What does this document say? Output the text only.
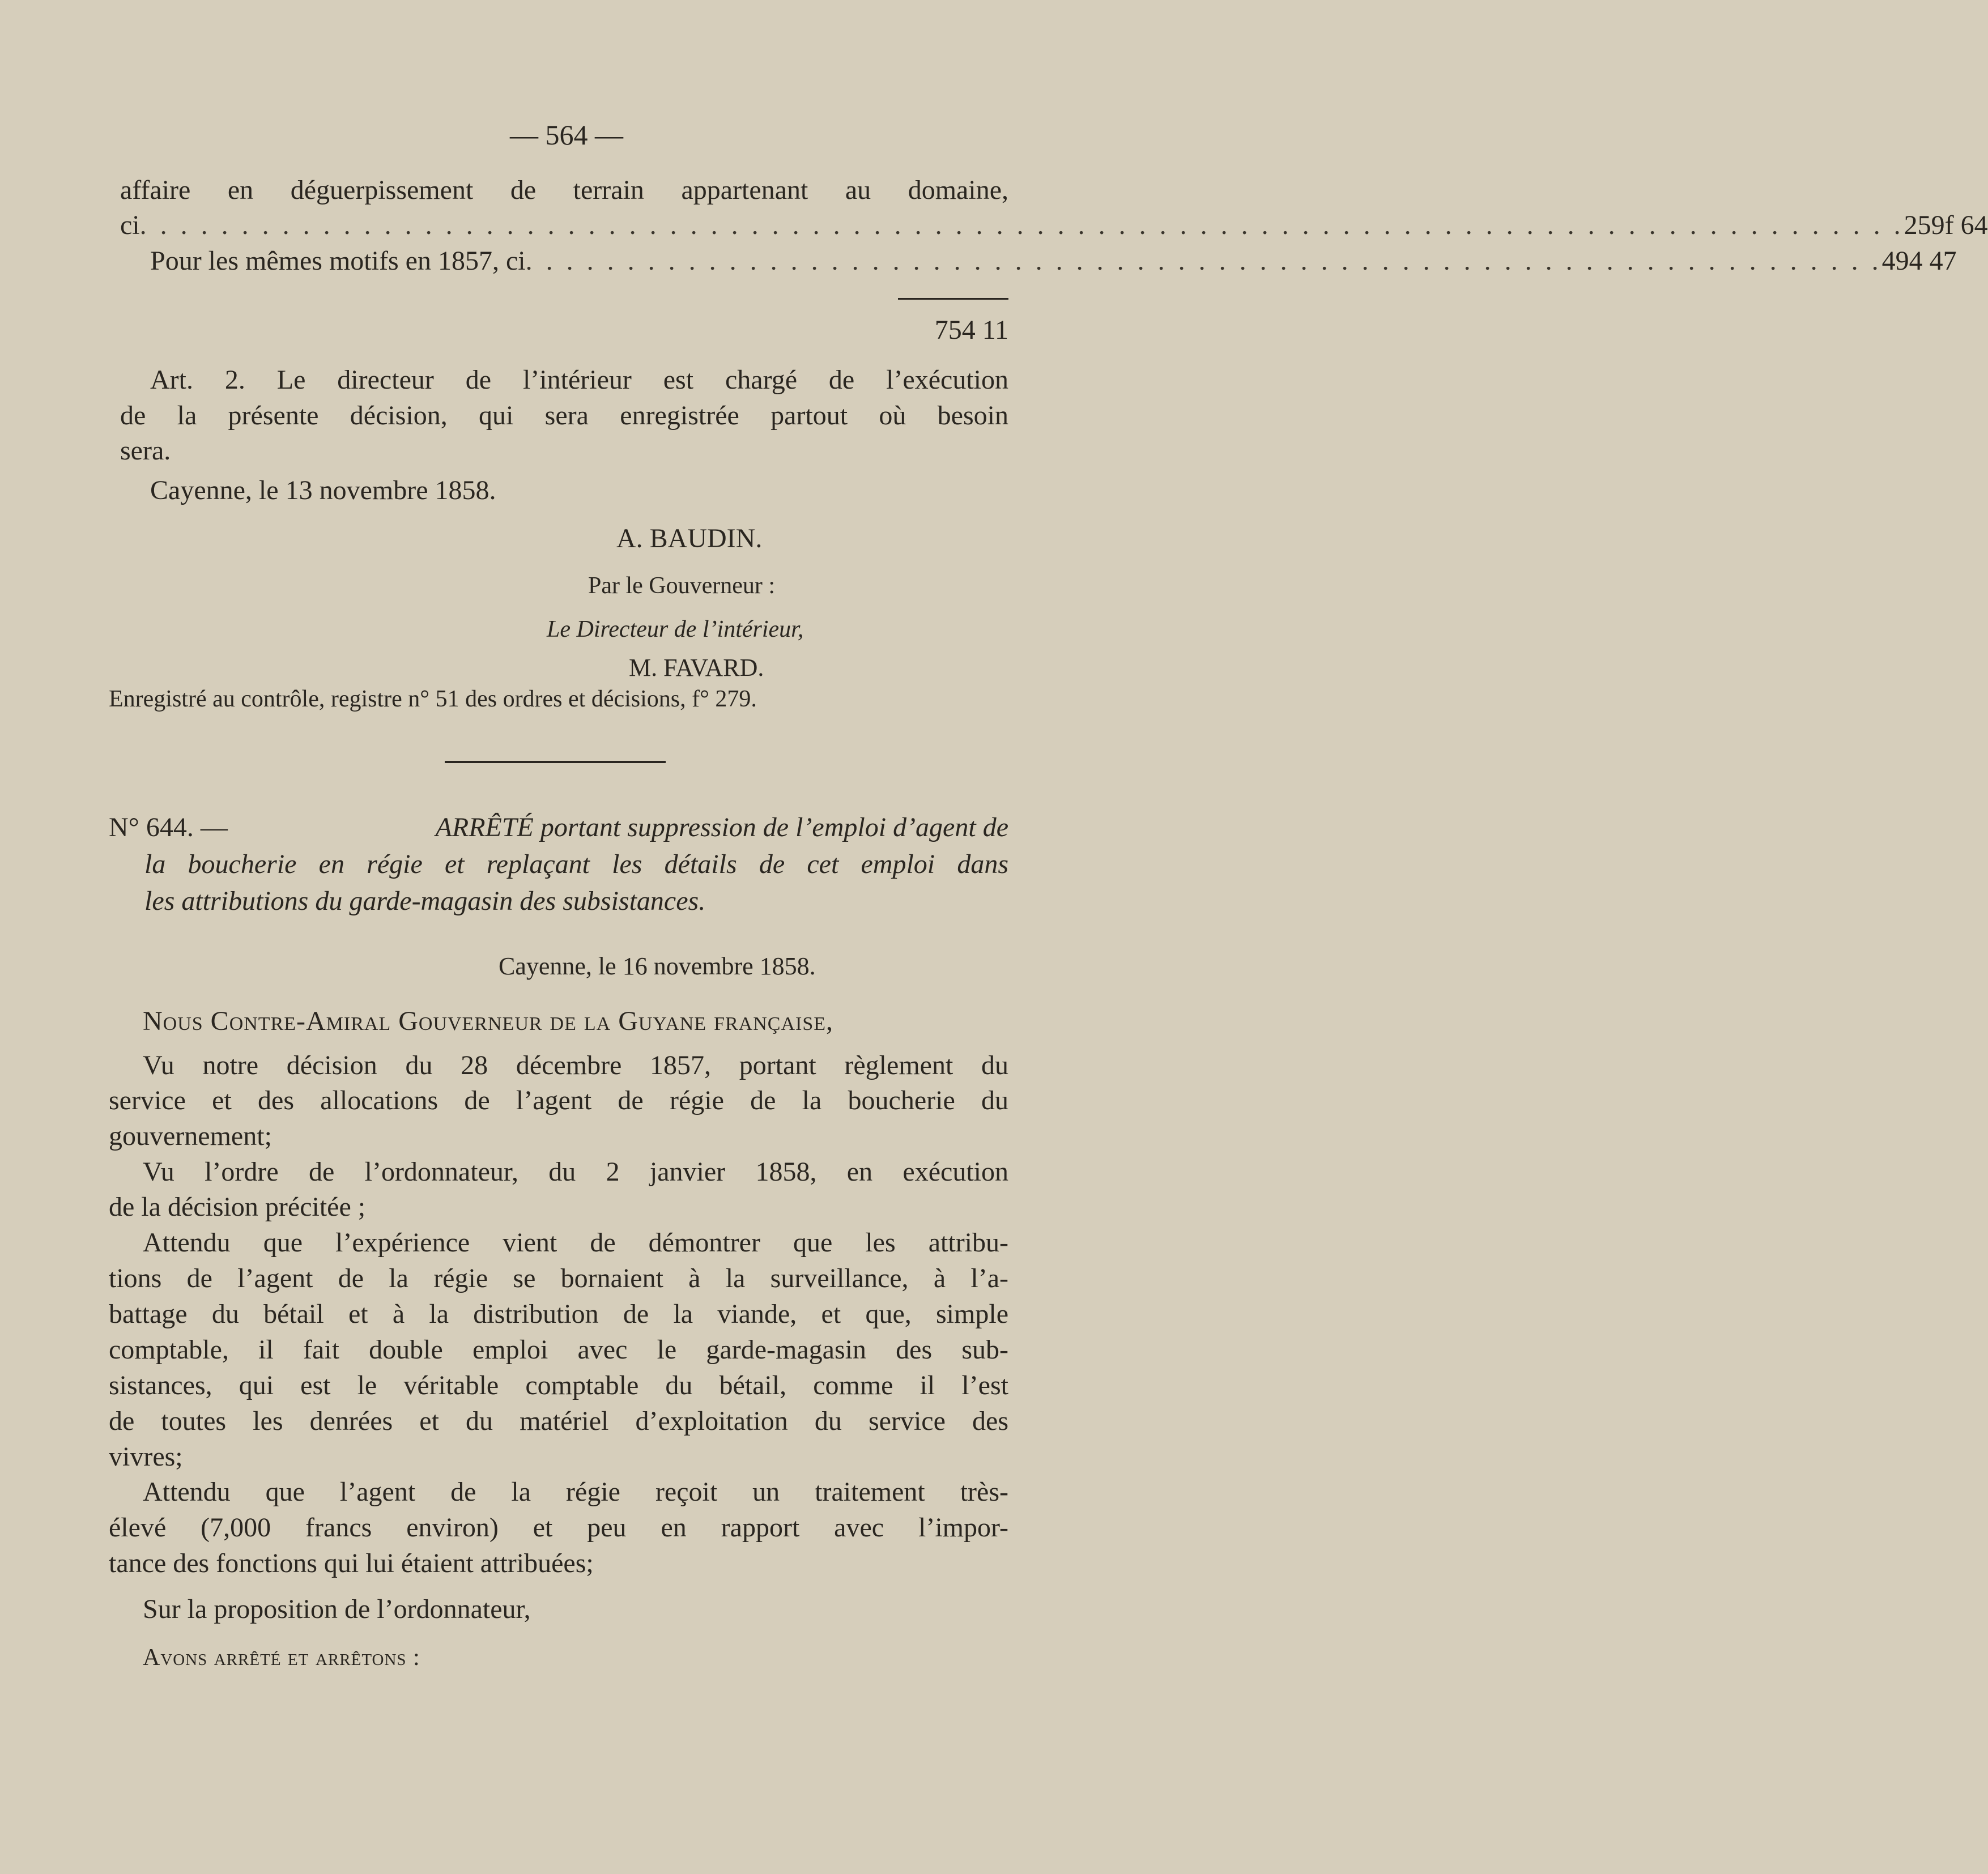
— 564 —
affaire en déguerpissement de terrain appartenant au domaine,
ci . . . . . . . . . . . . . . . . . . . . . . . . . . . . . . . . . . . . . . . . . . . . . . . . . . . . . . . . . . . . . . . . . . . . . . . . . . . . . . . . . . . . . . . 259f 64
Pour les mêmes motifs en 1857, ci . . . . . . . . . . . . . . . . . . . . . . . . . . . . . . . . . . . . . . . . . . . . . . . . . . . . . . . . . . . . . . . . . . . 494 47
754 11
Art. 2. Le directeur de l’intérieur est chargé de l’exécution
de la présente décision, qui sera enregistrée partout où besoin
sera.
Cayenne, le 13 novembre 1858.
A. BAUDIN.
Par le Gouverneur :
Le Directeur de l’intérieur,
M. FAVARD.
Enregistré au contrôle, registre n° 51 des ordres et décisions, f° 279.
N° 644. —	ARRÊTÉ portant suppression de l’emploi d’agent de
la boucherie en régie et replaçant les détails de cet emploi dans
les attributions du garde-magasin des subsistances.
Cayenne, le 16 novembre 1858.
Nous Contre-Amiral Gouverneur de la Guyane française,
Vu notre décision du 28 décembre 1857, portant règlement du
service et des allocations de l’agent de régie de la boucherie du
gouvernement;
Vu l’ordre de l’ordonnateur, du 2 janvier 1858, en exécution
de la décision précitée ;
Attendu que l’expérience vient de démontrer que les attribu-
tions de l’agent de la régie se bornaient à la surveillance, à l’a-
battage du bétail et à la distribution de la viande, et que, simple
comptable, il fait double emploi avec le garde-magasin des sub-
sistances, qui est le véritable comptable du bétail, comme il l’est
de toutes les denrées et du matériel d’exploitation du service des
vivres;
Attendu que l’agent de la régie reçoit un traitement très-
élevé (7,000 francs environ) et peu en rapport avec l’impor-
tance des fonctions qui lui étaient attribuées;
Sur la proposition de l’ordonnateur,
Avons arrêté et arrêtons :
